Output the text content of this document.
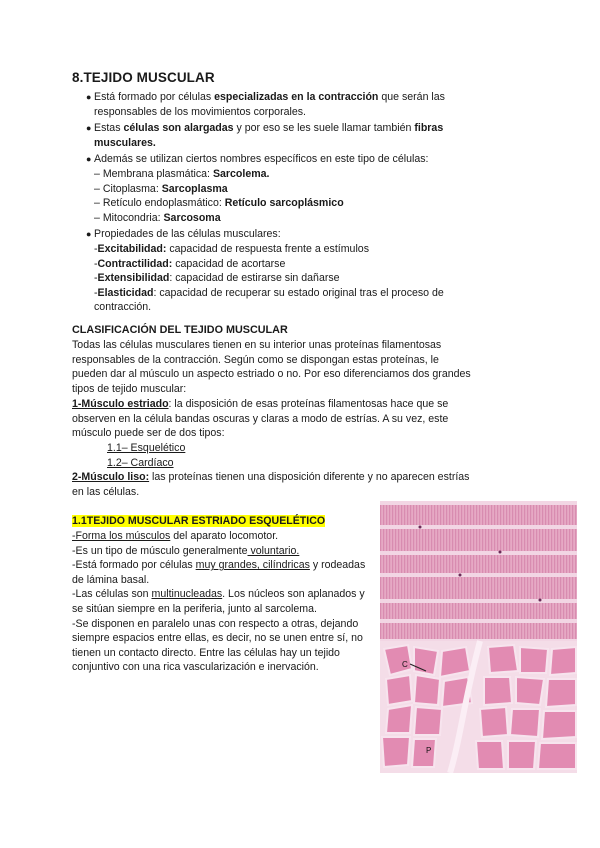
8.TEJIDO MUSCULAR
● Está formado por células especializadas en la contracción que serán las responsables de los movimientos corporales.
● Estas células son alargadas y por eso se les suele llamar también fibras musculares.
● Además se utilizan ciertos nombres específicos en este tipo de células:
– Membrana plasmática: Sarcolema.
– Citoplasma: Sarcoplasma
– Retículo endoplasmático: Retículo sarcoplásmico
– Mitocondria: Sarcosoma
● Propiedades de las células musculares:
-Excitabilidad: capacidad de respuesta frente a estímulos
-Contractilidad: capacidad de acortarse
-Extensibilidad: capacidad de estirarse sin dañarse
-Elasticidad: capacidad de recuperar su estado original tras el proceso de contracción.
CLASIFICACIÓN DEL TEJIDO MUSCULAR
Todas las células musculares tienen en su interior unas proteínas filamentosas responsables de la contracción. Según como se dispongan estas proteínas, le pueden dar al músculo un aspecto estriado o no. Por eso diferenciamos dos grandes tipos de tejido muscular:
1-Músculo estriado: la disposición de esas proteínas filamentosas hace que se observen en la célula bandas oscuras y claras a modo de estrías. A su vez, este músculo puede ser de dos tipos:
1.1– Esquelético
1.2– Cardíaco
2-Músculo liso: las proteínas tienen una disposición diferente y no aparecen estrías en las células.
1.1TEJIDO MUSCULAR ESTRIADO ESQUELÉTICO
-Forma los músculos del aparato locomotor.
-Es un tipo de músculo generalmente voluntario.
-Está formado por células muy grandes, cilíndricas y rodeadas de lámina basal.
-Las células son multinucleadas. Los núcleos son aplanados y se sitúan siempre en la periferia, junto al sarcolema.
-Se disponen en paralelo unas con respecto a otras, dejando siempre espacios entre ellas, es decir, no se unen entre sí, no tienen un contacto directo. Entre las células hay un tejido conjuntivo con una rica vascularización e inervación.	C
P
